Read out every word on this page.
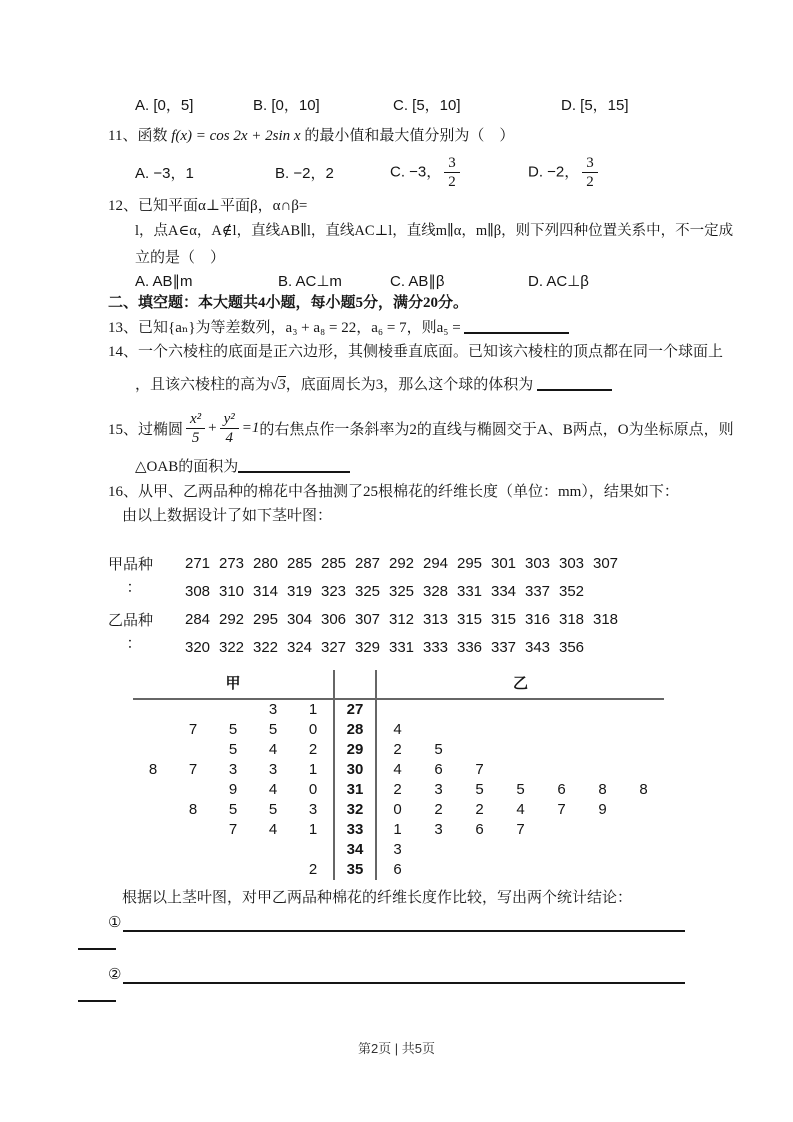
A. [0，5]	B. [0，10]	C. [5，10]	D. [5，15]
11、函数 f(x) = cos 2x + 2sin x 的最小值和最大值分别为（　）
A. −3，1	B. −2，2	C. −3， $\frac{3}{2}$	D. −2， $\frac{3}{2}$
12、已知平面α⊥平面β，α∩β=
l，点A∈α，A∉l，直线AB∥l，直线AC⊥l，直线m∥α，m∥β，则下列四种位置关系中，不一定成
立的是（　）
A. AB∥m	B. AC⊥m	C. AB∥β	D. AC⊥β
二、填空题：本大题共4小题，每小题5分，满分20分。
13、已知{aₙ}为等差数列，a₃ + a₈ = 22，a₆ = 7，则a₅ =
14、一个六棱柱的底面是正六边形，其侧棱垂直底面。已知该六棱柱的顶点都在同一个球面上
，且该六棱柱的高为√3，底面周长为3，那么这个球的体积为
15、过椭圆 $\frac{\text{x²}}{5} + \frac{\text{y²}}{4} =1$ 的右焦点作一条斜率为2的直线与椭圆交于A、B两点，O为坐标原点，则
△OAB的面积为
16、从甲、乙两品种的棉花中各抽测了25根棉花的纤维长度（单位：mm），结果如下：
由以上数据设计了如下茎叶图：
甲品种
：
271 273 280 285 285 287 292 294 295 301 303 303 307
308 310 314 319 323 325 325 328 331 334 337 352
乙品种
：
284 292 295 304 306 307 312 313 315 315 316 318 318
320 322 322 324 327 329 331 333 336 337 343 356
甲	乙
3	1	27
7	5	5	0	28	4
5	4	2	29	2	5
8	7	3	3	1	30	4	6	7
9	4	0	31	2	3	5	5	6	8	8
8	5	5	3	32	0	2	2	4	7	9
7	4	1	33	1	3	6	7
34	3
2	35	6
根据以上茎叶图，对甲乙两品种棉花的纤维长度作比较，写出两个统计结论：
①
②
第2页 | 共5页
